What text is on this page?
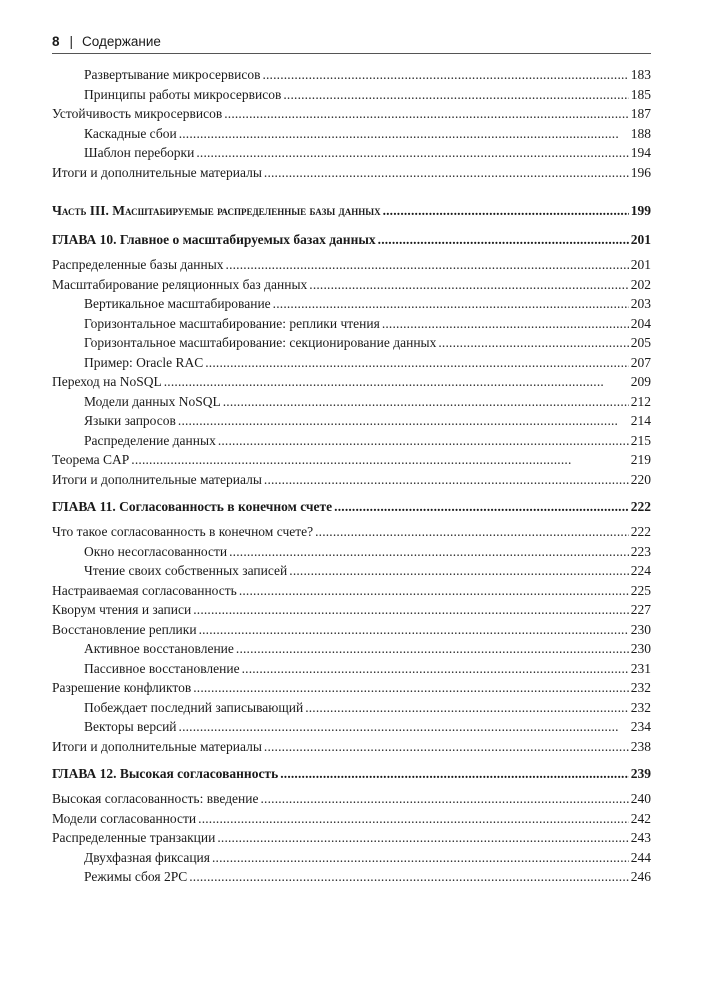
8 | Содержание
Развертывание микросервисов . . .	183
Принципы работы микросервисов . . .	185
Устойчивость микросервисов . . .	187
Каскадные сбои . . .	188
Шаблон переборки . . .	194
Итоги и дополнительные материалы . . .	196
Часть III. Масштабируемые распределенные базы данных . . .	199
ГЛАВА 10. Главное о масштабируемых базах данных . . .	201
Распределенные базы данных . . .	201
Масштабирование реляционных баз данных . . .	202
Вертикальное масштабирование . . .	203
Горизонтальное масштабирование: реплики чтения . . .	204
Горизонтальное масштабирование: секционирование данных . . .	205
Пример: Oracle RAC . . .	207
Переход на NoSQL . . .	209
Модели данных NoSQL . . .	212
Языки запросов . . .	214
Распределение данных . . .	215
Теорема CAP . . .	219
Итоги и дополнительные материалы . . .	220
ГЛАВА 11. Согласованность в конечном счете . . .	222
Что такое согласованность в конечном счете? . . .	222
Окно несогласованности . . .	223
Чтение своих собственных записей . . .	224
Настраиваемая согласованность . . .	225
Кворум чтения и записи . . .	227
Восстановление реплики . . .	230
Активное восстановление . . .	230
Пассивное восстановление . . .	231
Разрешение конфликтов . . .	232
Побеждает последний записывающий . . .	232
Векторы версий . . .	234
Итоги и дополнительные материалы . . .	238
ГЛАВА 12. Высокая согласованность . . .	239
Высокая согласованность: введение . . .	240
Модели согласованности . . .	242
Распределенные транзакции . . .	243
Двухфазная фиксация . . .	244
Режимы сбоя 2PC . . .	246
